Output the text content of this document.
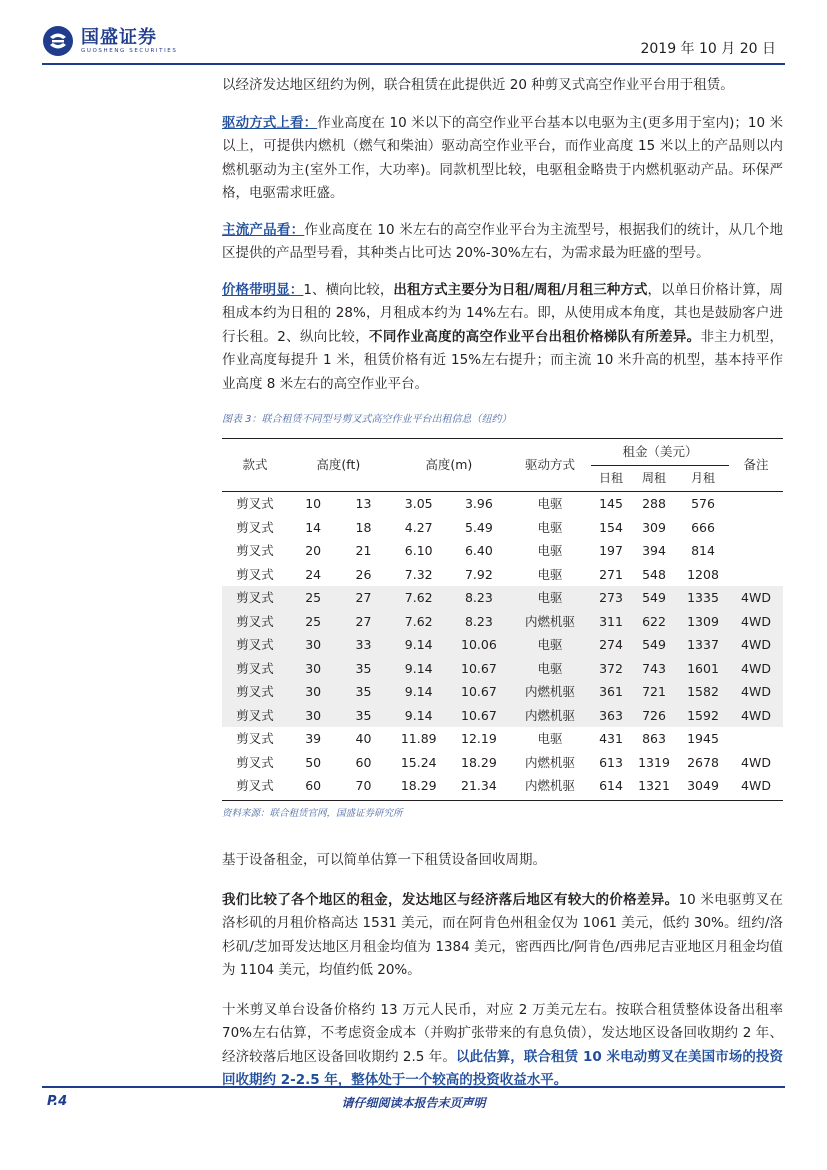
国盛证券
GUOSHENG SECURITIES	2019 年 10 月 20 日

以经济发达地区纽约为例，联合租赁在此提供近 20 种剪叉式高空作业平台用于租赁。

驱动方式上看：作业高度在 10 米以下的高空作业平台基本以电驱为主(更多用于室内)；10 米以上，可提供内燃机（燃气和柴油）驱动高空作业平台，而作业高度 15 米以上的产品则以内燃机驱动为主(室外工作，大功率)。同款机型比较，电驱租金略贵于内燃机驱动产品。环保严格，电驱需求旺盛。

主流产品看：作业高度在 10 米左右的高空作业平台为主流型号，根据我们的统计，从几个地区提供的产品型号看，其种类占比可达 20%-30%左右，为需求最为旺盛的型号。

价格带明显：1、横向比较，出租方式主要分为日租/周租/月租三种方式，以单日价格计算，周租成本约为日租的 28%，月租成本约为 14%左右。即，从使用成本角度，其也是鼓励客户进行长租。2、纵向比较，不同作业高度的高空作业平台出租价格梯队有所差异。非主力机型，作业高度每提升 1 米，租赁价格有近 15%左右提升；而主流 10 米升高的机型，基本持平作业高度 8 米左右的高空作业平台。

图表 3：联合租赁不同型号剪叉式高空作业平台出租信息（纽约）

款式	高度(ft)		高度(m)		驱动方式	租金（美元）			备注
						日租	周租	月租	
剪叉式	10	13	3.05	3.96	电驱	145	288	576	
剪叉式	14	18	4.27	5.49	电驱	154	309	666	
剪叉式	20	21	6.10	6.40	电驱	197	394	814	
剪叉式	24	26	7.32	7.92	电驱	271	548	1208	
剪叉式	25	27	7.62	8.23	电驱	273	549	1335	4WD
剪叉式	25	27	7.62	8.23	内燃机驱	311	622	1309	4WD
剪叉式	30	33	9.14	10.06	电驱	274	549	1337	4WD
剪叉式	30	35	9.14	10.67	电驱	372	743	1601	4WD
剪叉式	30	35	9.14	10.67	内燃机驱	361	721	1582	4WD
剪叉式	30	35	9.14	10.67	内燃机驱	363	726	1592	4WD
剪叉式	39	40	11.89	12.19	电驱	431	863	1945	
剪叉式	50	60	15.24	18.29	内燃机驱	613	1319	2678	4WD
剪叉式	60	70	18.29	21.34	内燃机驱	614	1321	3049	4WD

资料来源：联合租赁官网，国盛证券研究所

基于设备租金，可以简单估算一下租赁设备回收周期。

我们比较了各个地区的租金，发达地区与经济落后地区有较大的价格差异。10 米电驱剪叉在洛杉矶的月租价格高达 1531 美元，而在阿肯色州租金仅为 1061 美元，低约 30%。纽约/洛杉矶/芝加哥发达地区月租金均值为 1384 美元，密西西比/阿肯色/西弗尼吉亚地区月租金均值为 1104 美元，均值约低 20%。

十米剪叉单台设备价格约 13 万元人民币，对应 2 万美元左右。按联合租赁整体设备出租率 70%左右估算，不考虑资金成本（并购扩张带来的有息负债），发达地区设备回收期约 2 年、经济较落后地区设备回收期约 2.5 年。以此估算，联合租赁 10 米电动剪叉在美国市场的投资回收期约 2-2.5 年，整体处于一个较高的投资收益水平。

P.4	请仔细阅读本报告末页声明
